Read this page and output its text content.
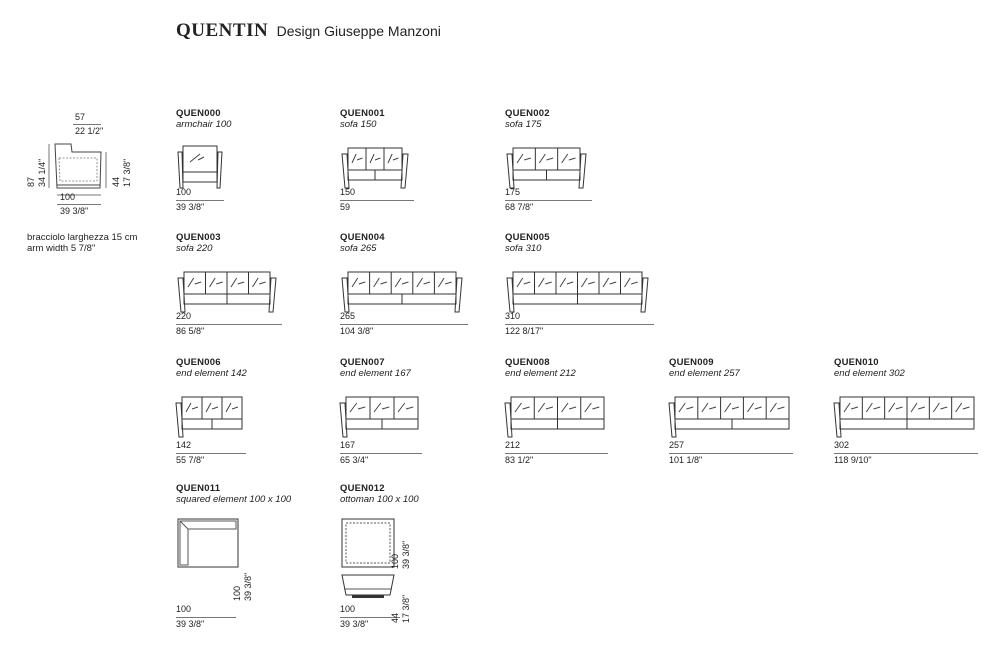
QUENTIN Design Giuseppe Manzoni
57
22 1/2"
87 34 1/4"	44 17 3/8"
100
39 3/8"
bracciolo larghezza 15 cm
arm width 5 7/8"
QUEN000
armchair 100
100
39 3/8"
QUEN001
sofa 150
150
59
QUEN002
sofa 175
175
68 7/8"
QUEN003
sofa 220
220
86 5/8"
QUEN004
sofa 265
265
104 3/8"
QUEN005
sofa 310
310
122 8/17"
QUEN006
end element 142
142
55 7/8"
QUEN007
end element 167
167
65 3/4"
QUEN008
end element 212
212
83 1/2"
QUEN009
end element 257
257
101 1/8"
QUEN010
end element 302
302
118 9/10"
QUEN011
squared element 100 x 100
100
39 3/8"
100 39 3/8"
QUEN012
ottoman 100 x 100
100
39 3/8"
100 39 3/8"
44 17 3/8"
